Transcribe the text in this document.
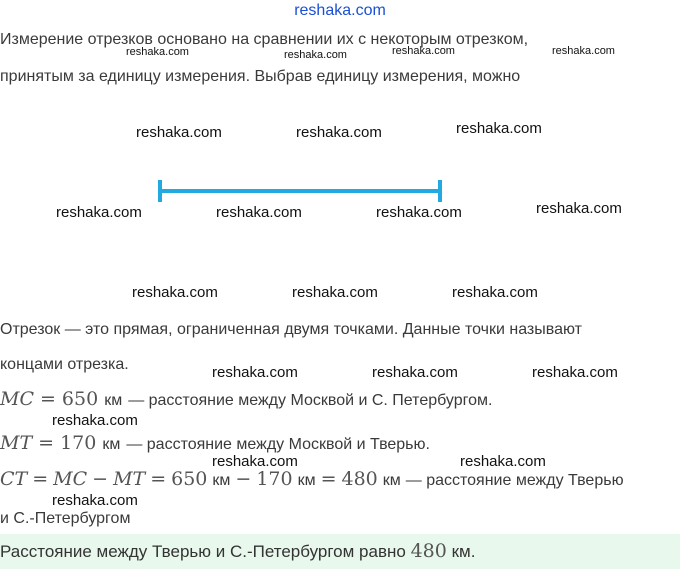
reshaka.com
Измерение отрезков основано на сравнении их с некоторым отрезком,
принятым за единицу измерения. Выбрав единицу измерения, можно
Отрезок — это прямая, ограниченная двумя точками. Данные точки называют
концами отрезка.
MC = 650 км — расстояние между Москвой и С. Петербургом.
MT = 170 км — расстояние между Москвой и Тверью.
CT = MC − MT = 650 км − 170 км = 480 км — расстояние между Тверью
и С.-Петербургом
Расстояние между Тверью и С.-Петербургом равно 480 км.
reshaka.com	reshaka.com	reshaka.com	reshaka.com
reshaka.com	reshaka.com	reshaka.com
reshaka.com	reshaka.com	reshaka.com	reshaka.com
reshaka.com	reshaka.com	reshaka.com
reshaka.com	reshaka.com	reshaka.com
reshaka.com
reshaka.com	reshaka.com
reshaka.com
